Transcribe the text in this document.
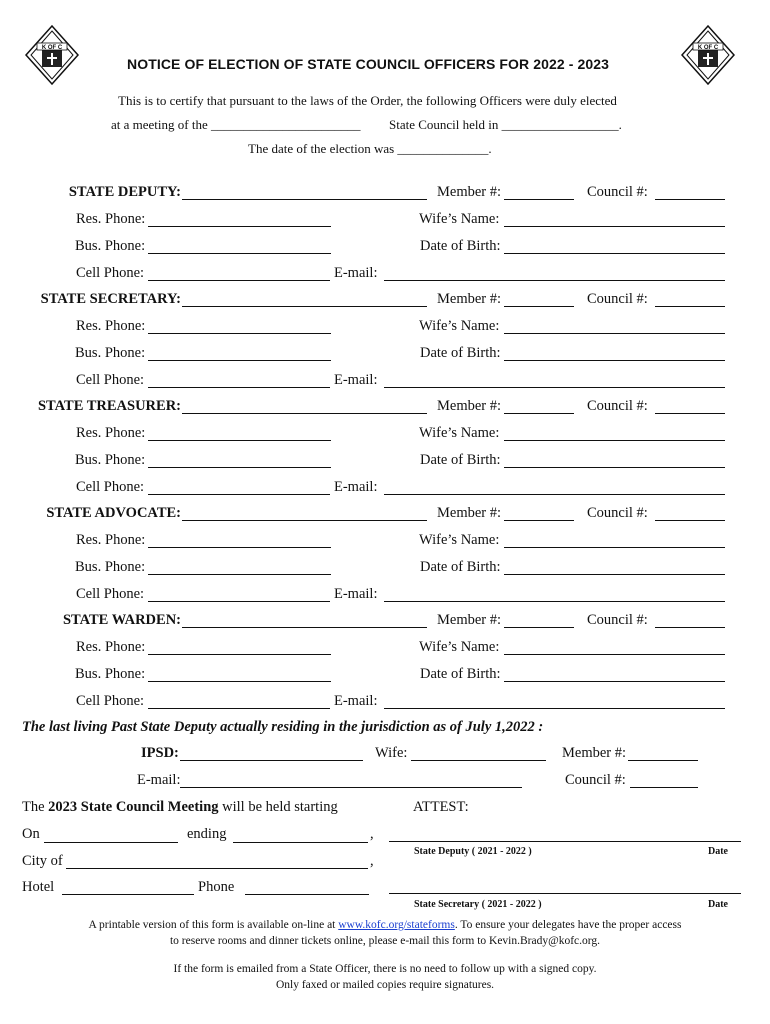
K OF C	K OF C
NOTICE OF ELECTION OF STATE COUNCIL OFFICERS FOR 2022 - 2023
This is to certify that pursuant to the laws of the Order, the following Officers were duly elected
at a meeting of the _______________________ State Council held in __________________.
The date of the election was ______________.
STATE DEPUTY:	Member #:	Council #:
Res. Phone:	Wife’s Name:
Bus. Phone:	Date of Birth:
Cell Phone:	E-mail:
STATE SECRETARY:	Member #:	Council #:
Res. Phone:	Wife’s Name:
Bus. Phone:	Date of Birth:
Cell Phone:	E-mail:
STATE TREASURER:	Member #:	Council #:
Res. Phone:	Wife’s Name:
Bus. Phone:	Date of Birth:
Cell Phone:	E-mail:
STATE ADVOCATE:	Member #:	Council #:
Res. Phone:	Wife’s Name:
Bus. Phone:	Date of Birth:
Cell Phone:	E-mail:
STATE WARDEN:	Member #:	Council #:
Res. Phone:	Wife’s Name:
Bus. Phone:	Date of Birth:
Cell Phone:	E-mail:
The last living Past State Deputy actually residing in the jurisdiction as of July 1,2022 :
IPSD:	Wife:	Member #:
E-mail:	Council #:
The 2023 State Council Meeting will be held starting	ATTEST:
On	ending	,
State Deputy ( 2021 - 2022 )	Date
City of	,
Hotel	Phone
State Secretary ( 2021 - 2022 )	Date
A printable version of this form is available on-line at www.kofc.org/stateforms. To ensure your delegates have the proper access
to reserve rooms and dinner tickets online, please e-mail this form to Kevin.Brady@kofc.org.
If the form is emailed from a State Officer, there is no need to follow up with a signed copy.
Only faxed or mailed copies require signatures.
